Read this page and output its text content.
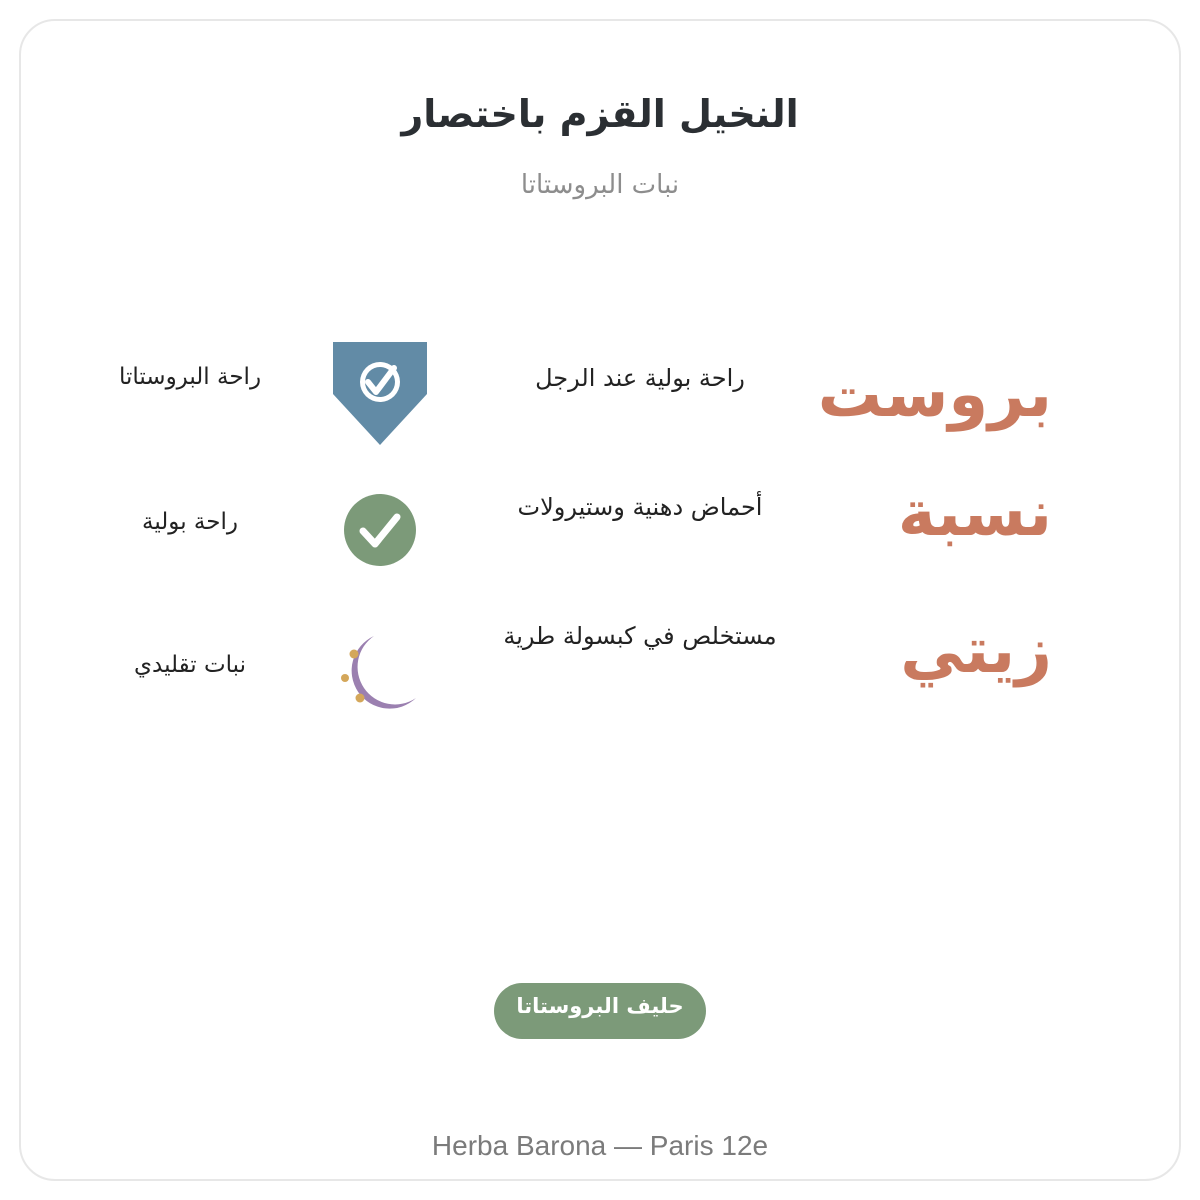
النخيل القزم باختصار
نبات البروستاتا
بروست
راحة بولية عند الرجل
راحة البروستاتا
نسبة
أحماض دهنية وستيرولات
راحة بولية
زيتي
مستخلص في كبسولة طرية
نبات تقليدي
حليف البروستاتا
Herba Barona — Paris 12e
